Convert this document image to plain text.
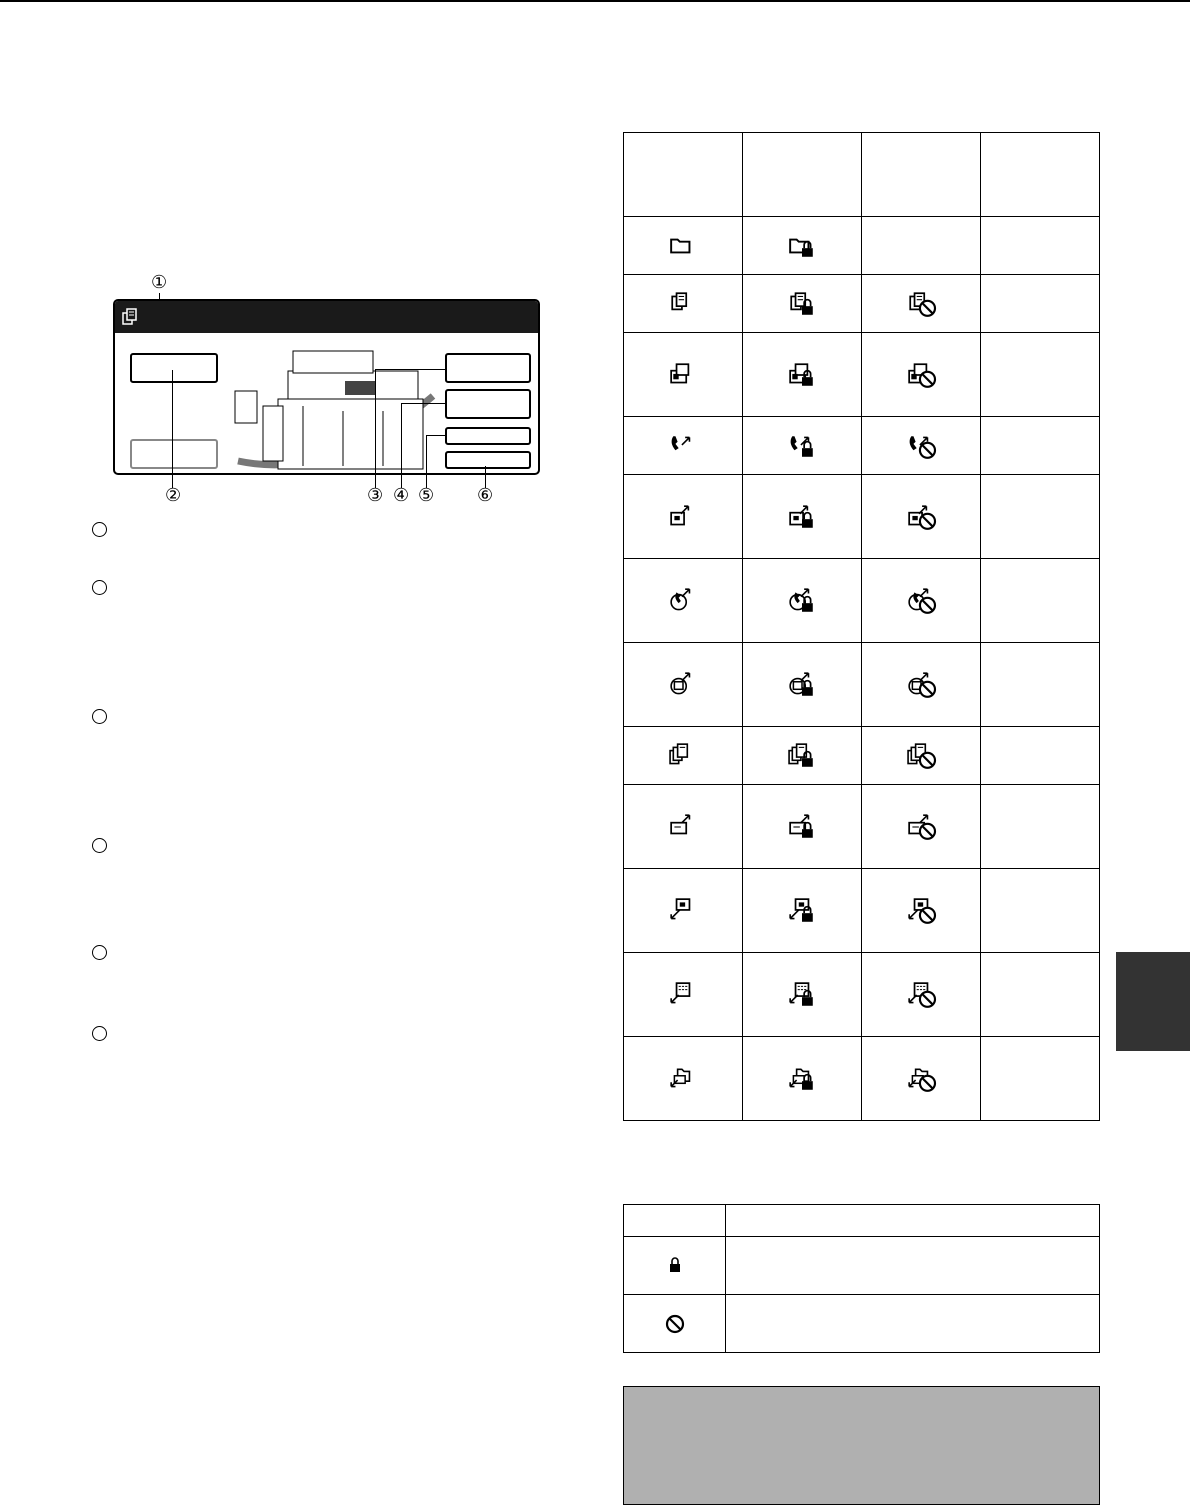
①
②	③ ④ ⑤ ⑥
